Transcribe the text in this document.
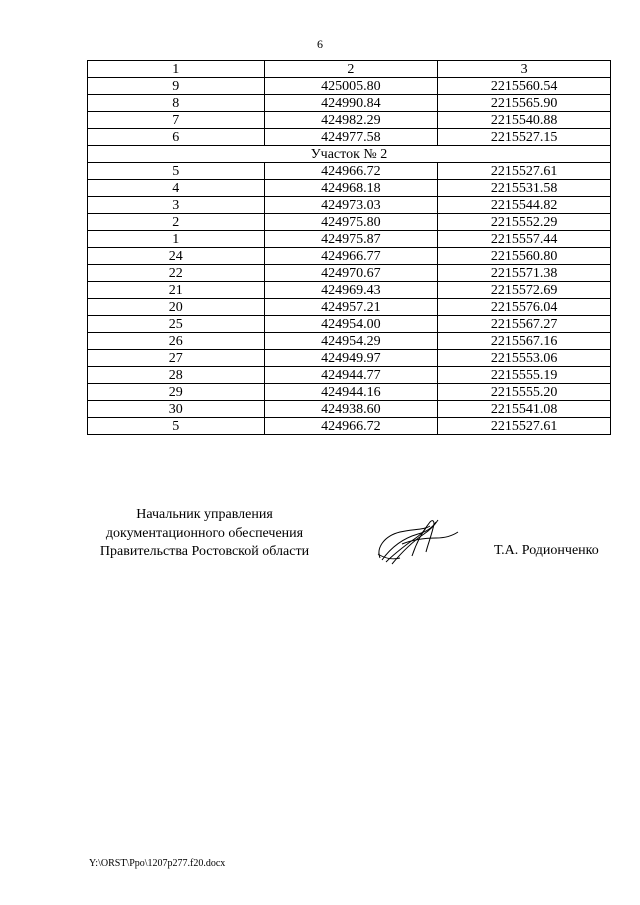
6
1	2	3
9	425005.80	2215560.54
8	424990.84	2215565.90
7	424982.29	2215540.88
6	424977.58	2215527.15
Участок № 2		
5	424966.72	2215527.61
4	424968.18	2215531.58
3	424973.03	2215544.82
2	424975.80	2215552.29
1	424975.87	2215557.44
24	424966.77	2215560.80
22	424970.67	2215571.38
21	424969.43	2215572.69
20	424957.21	2215576.04
25	424954.00	2215567.27
26	424954.29	2215567.16
27	424949.97	2215553.06
28	424944.77	2215555.19
29	424944.16	2215555.20
30	424938.60	2215541.08
5	424966.72	2215527.61
Начальник управления
документационного обеспечения
Правительства Ростовской области	Т.А. Родионченко
Y:\ORST\Ppo\1207p277.f20.docx
